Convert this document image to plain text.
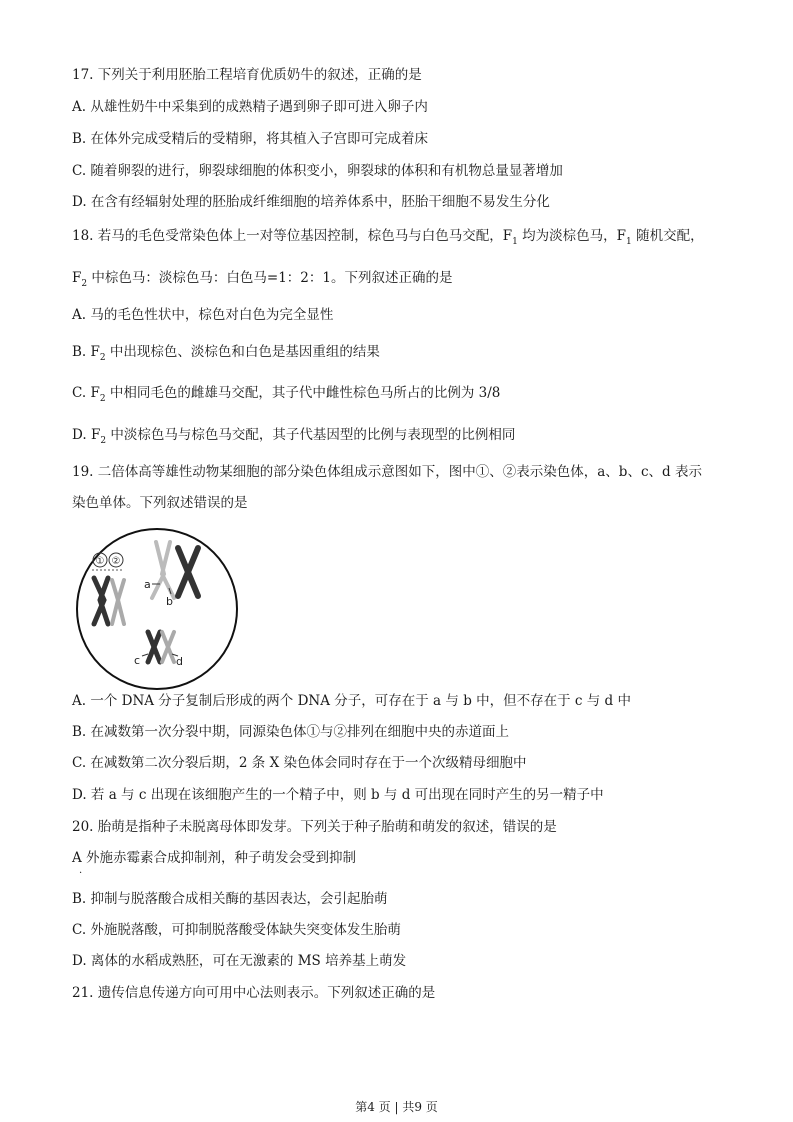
17. 下列关于利用胚胎工程培育优质奶牛的叙述，正确的是
A. 从雄性奶牛中采集到的成熟精子遇到卵子即可进入卵子内
B. 在体外完成受精后的受精卵，将其植入子宫即可完成着床
C. 随着卵裂的进行，卵裂球细胞的体积变小，卵裂球的体积和有机物总量显著增加
D. 在含有经辐射处理的胚胎成纤维细胞的培养体系中，胚胎干细胞不易发生分化
18. 若马的毛色受常染色体上一对等位基因控制，棕色马与白色马交配，$F_1$ 均为淡棕色马，$F_1$ 随机交配，
$F_2$ 中棕色马：淡棕色马：白色马=1：2：1。下列叙述正确的是
A. 马的毛色性状中，棕色对白色为完全显性
B. $F_2$ 中出现棕色、淡棕色和白色是基因重组的结果
C. $F_2$ 中相同毛色的雌雄马交配，其子代中雌性棕色马所占的比例为 3/8
D. $F_2$ 中淡棕色马与棕色马交配，其子代基因型的比例与表现型的比例相同
19. 二倍体高等雄性动物某细胞的部分染色体组成示意图如下，图中①、②表示染色体，a、b、c、d 表示
染色单体。下列叙述错误的是
① ②
a
b
c	d
A. 一个 DNA 分子复制后形成的两个 DNA 分子，可存在于 a 与 b 中，但不存在于 c 与 d 中
B. 在减数第一次分裂中期，同源染色体①与②排列在细胞中央的赤道面上
C. 在减数第二次分裂后期，2 条 X 染色体会同时存在于一个次级精母细胞中
D. 若 a 与 c 出现在该细胞产生的一个精子中，则 b 与 d 可出现在同时产生的另一精子中
20. 胎萌是指种子未脱离母体即发芽。下列关于种子胎萌和萌发的叙述，错误的是
A 外施赤霉素合成抑制剂，种子萌发会受到抑制
.
B. 抑制与脱落酸合成相关酶的基因表达，会引起胎萌
C. 外施脱落酸，可抑制脱落酸受体缺失突变体发生胎萌
D. 离体的水稻成熟胚，可在无激素的 MS 培养基上萌发
21. 遗传信息传递方向可用中心法则表示。下列叙述正确的是
第4 页 | 共9 页
